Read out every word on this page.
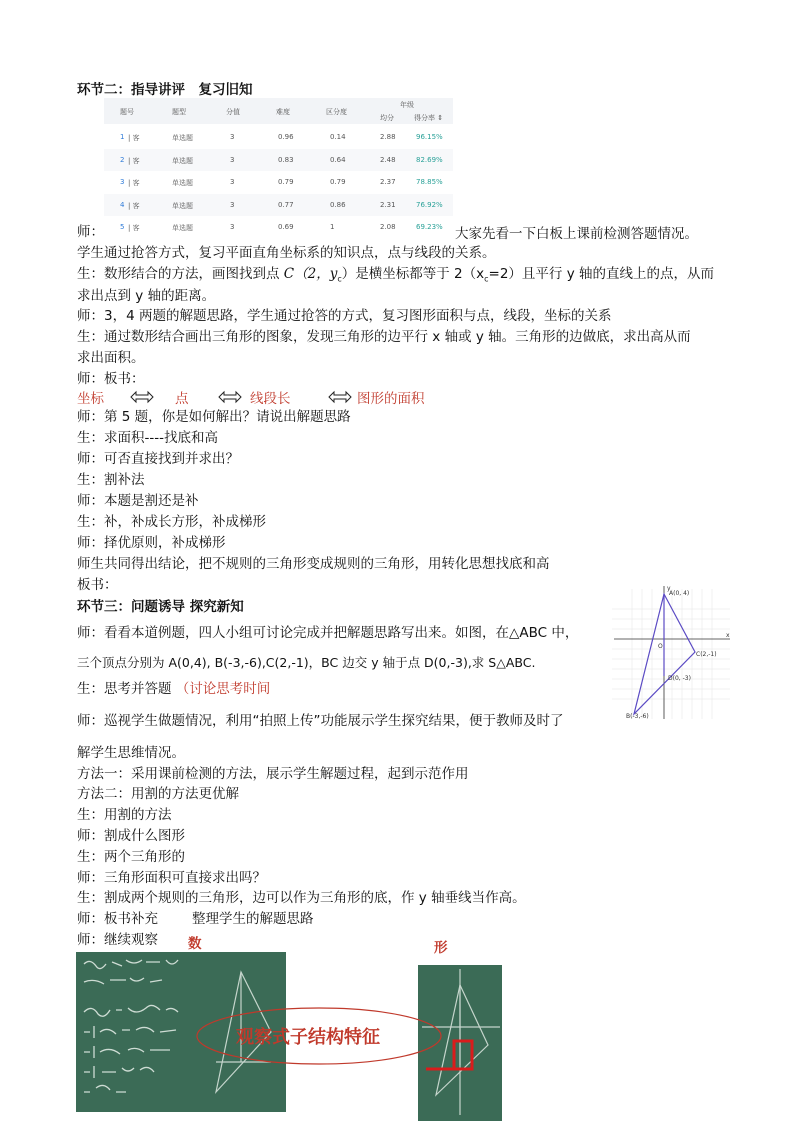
环节二：指导讲评　复习旧知
题号	题型	分值	难度	区分度
年级
均分	得分率 ⇕
1 | 客	单选题	3	0.96	0.14	2.88	96.15%
2 | 客	单选题	3	0.83	0.64	2.48	82.69%
3 | 客	单选题	3	0.79	0.79	2.37	78.85%
4 | 客	单选题	3	0.77	0.86	2.31	76.92%
5 | 客	单选题	3	0.69	1	2.08	69.23%
师：	大家先看一下白板上课前检测答题情况。
学生通过抢答方式，复习平面直角坐标系的知识点，点与线段的关系。
生：数形结合的方法，画图找到点 C（2，$y_c$）是横坐标都等于 $2(x_c=2)$且平行 y 轴的直线上的点，从而
求出点到 y 轴的距离。
师：3，4 两题的解题思路，学生通过抢答的方式，复习图形面积与点，线段，坐标的关系
生：通过数形结合画出三角形的图象，发现三角形的边平行 x 轴或 y 轴。三角形的边做底，求出高从而
求出面积。
师：板书：
坐标	点	线段长	图形的面积
师：第 5 题，你是如何解出？请说出解题思路
生：求面积----找底和高
师：可否直接找到并求出？
生：割补法
师：本题是割还是补
生：补，补成长方形，补成梯形
师：择优原则，补成梯形
师生共同得出结论，把不规则的三角形变成规则的三角形，用转化思想找底和高
板书：
环节三：问题诱导 探究新知
师：看看本道例题，四人小组可讨论完成并把解题思路写出来。如图，在△ABC 中，
三个顶点分别为 A(0,4), B(-3,-6),C(2,-1)，BC 边交 y 轴于点 D(0,-3),求 S△ABC.
生：思考并答题 （讨论思考时间
师：巡视学生做题情况，利用“拍照上传”功能展示学生探究结果，便于教师及时了
解学生思维情况。
方法一：采用课前检测的方法，展示学生解题过程，起到示范作用
方法二：用割的方法更优解
生：用割的方法
师：割成什么图形
生：两个三角形的
师：三角形面积可直接求出吗？
生：割成两个规则的三角形，边可以作为三角形的底，作 y 轴垂线当作高。
师：板书补充	整理学生的解题思路
师：继续观察 数	形
A(0, 4)
C(2,-1)
D(0, -3)
B(-3,-6)
O
x
y
观察式子结构特征
